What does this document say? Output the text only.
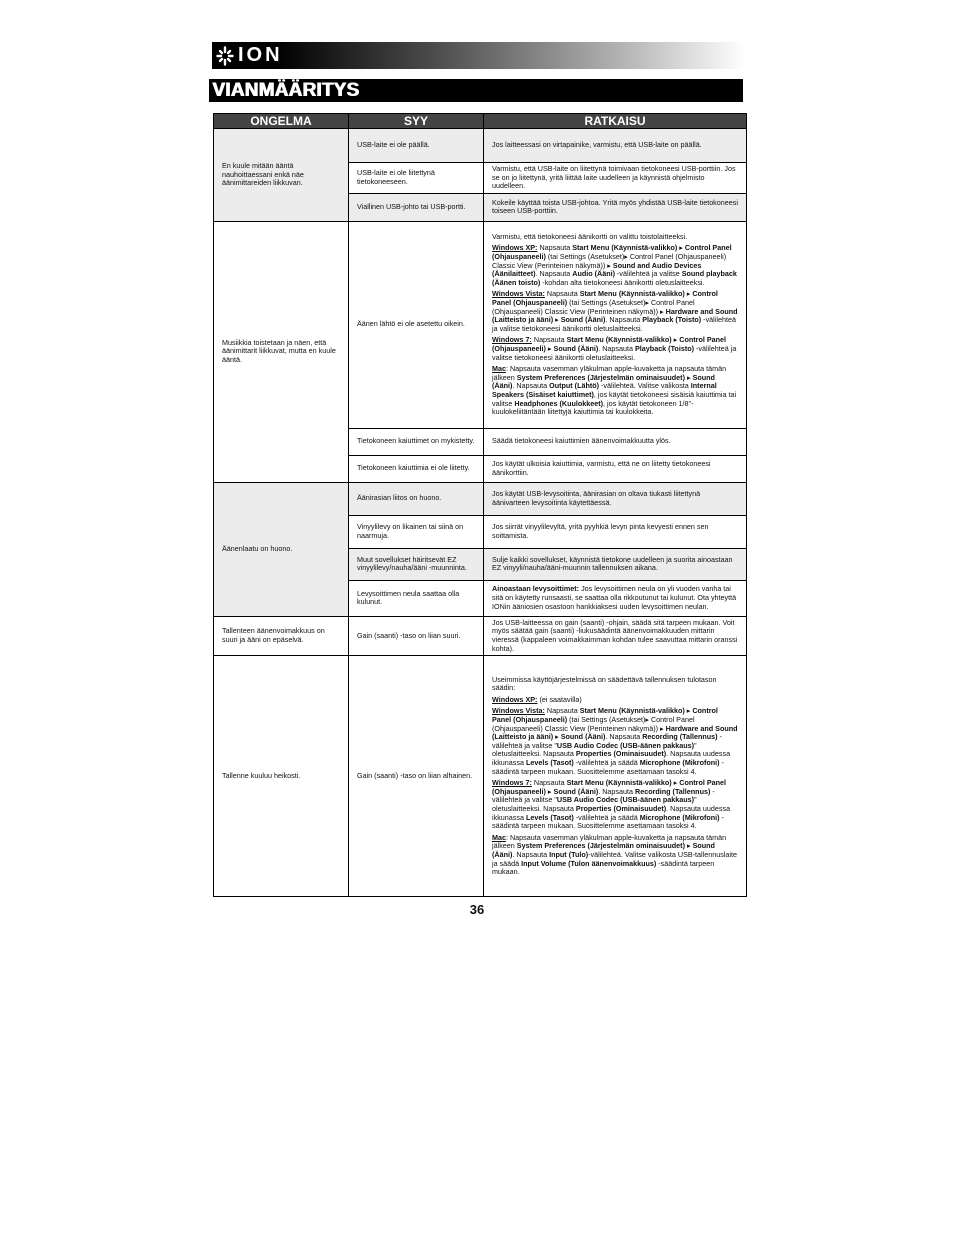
ION
VIANMÄÄRITYS
ONGELMA	SYY	RATKAISU
En kuule mitään ääntä nauhoittaessani enkä näe äänimittareiden liikkuvan.	USB-laite ei ole päällä.	Jos laitteessasi on virtapainike, varmistu, että USB-laite on päällä.

	USB-laite ei ole liitettynä tietokoneeseen.	Varmistu, että USB-laite on liitettynä toimivaan tietokoneesi USB-porttiin. Jos se on jo liitettynä, yritä liittää laite uudelleen ja käynnistä ohjelmisto uudelleen.

	Viallinen USB-johto tai USB-portti.	Kokeile käyttää toista USB-johtoa. Yritä myös yhdistää USB-laite tietokoneesi toiseen USB-porttiin.

Musiikkia toistetaan ja näen, että äänimittarit liikkuvat, mutta en kuule ääntä.	Äänen lähtö ei ole asetettu oikein.	Varmistu, että tietokoneesi äänikortti on valittu toistolaitteeksi.
Windows XP: Napsauta Start Menu (Käynnistä-valikko) ▸ Control Panel (Ohjauspaneeli) (tai Settings (Asetukset)▸ Control Panel (Ohjauspaneeli) Classic View (Perinteinen näkymä)) ▸ Sound and Audio Devices (Äänilaitteet). Napsauta Audio (Ääni) -välilehteä ja valitse Sound playback (Äänen toisto) -kohdan alta tietokoneesi äänikortti oletuslaitteeksi.
Windows Vista: Napsauta Start Menu (Käynnistä-valikko) ▸ Control Panel (Ohjauspaneeli) (tai Settings (Asetukset)▸ Control Panel (Ohjauspaneeli) Classic View (Perinteinen näkymä)) ▸ Hardware and Sound (Laitteisto ja ääni) ▸ Sound (Ääni). Napsauta Playback (Toisto) -välilehteä ja valitse tietokoneesi äänikortti oletuslaitteeksi.
Windows 7: Napsauta Start Menu (Käynnistä-valikko) ▸ Control Panel (Ohjauspaneeli) ▸ Sound (Ääni). Napsauta Playback (Toisto) -välilehteä ja valitse tietokoneesi äänikortti oletuslaitteeksi.
Mac: Napsauta vasemman yläkulman apple-kuvaketta ja napsauta tämän jälkeen System Preferences (Järjestelmän ominaisuudet) ▸ Sound (Ääni). Napsauta Output (Lähtö) -välilehteä. Valitse valikosta Internal Speakers (Sisäiset kaiuttimet), jos käytät tietokoneesi sisäisiä kaiuttimia tai valitse Headphones (Kuulokkeet), jos käytät tietokoneen 1/8"-kuulokeliitäntään liitettyjä kaiuttimia tai kuulokkeita.

	Tietokoneen kaiuttimet on mykistetty.	Säädä tietokoneesi kaiuttimien äänenvoimakkuutta ylös.

	Tietokoneen kaiuttimia ei ole liitetty.	Jos käytät ulkoisia kaiuttimia, varmistu, että ne on liitetty tietokoneesi äänikorttiin.

Äänenlaatu on huono.	Äänirasian liitos on huono.	Jos käytät USB-levysoitinta, äänirasian on oltava tiukasti liitettynä äänivarteen levysoitinta käytettäessä.

	Vinyylilevy on likainen tai siinä on naarmuja.	Jos siirrät vinyylilevyltä, yritä pyyhkiä levyn pinta kevyesti ennen sen soittamista.

	Muut sovellukset häiritsevät EZ vinyylilevy/nauha/ääni -muunninta.	Sulje kaikki sovellukset, käynnistä tietokone uudelleen ja suorita ainoastaan EZ vinyyli/nauha/ääni-muunnin tallennuksen aikana.

	Levysoittimen neula saattaa olla kulunut.	Ainoastaan levysoittimet: Jos levysoittimen neula on yli vuoden vanha tai sitä on käytetty runsaasti, se saattaa olla rikkoutunut tai kulunut. Ota yhteyttä IONin ääniosien osastoon hankkiaksesi uuden levysoittimen neulan.

Tallenteen äänenvoimakkuus on suuri ja ääni on epäselvä.	Gain (saanti) -taso on liian suuri.	Jos USB-laitteessa on gain (saanti) -ohjain, säädä sitä tarpeen mukaan. Voit myös säätää gain (saanti) -liukusäädintä äänenvoimakkuuden mittarin vieressä (kappaleen voimakkaimman kohdan tulee saavuttaa mittarin oranssi kohta).

Tallenne kuuluu heikosti.	Gain (saanti) -taso on liian alhainen.	Useimmissa käyttöjärjestelmissä on säädettävä tallennuksen tulotason säädin:
Windows XP: (ei saatavilla)
Windows Vista: Napsauta Start Menu (Käynnistä-valikko) ▸ Control Panel (Ohjauspaneeli) (tai Settings (Asetukset)▸ Control Panel (Ohjauspaneeli) Classic View (Perinteinen näkymä)) ▸ Hardware and Sound (Laitteisto ja ääni) ▸ Sound (Ääni). Napsauta Recording (Tallennus) -välilehteä ja valitse "USB Audio Codec (USB-äänen pakkaus)" oletuslaitteeksi. Napsauta Properties (Ominaisuudet). Napsauta uudessa ikkunassa Levels (Tasot) -välilehteä ja säädä Microphone (Mikrofoni) -säädintä tarpeen mukaan. Suosittelemme asettamaan tasoksi 4.
Windows 7: Napsauta Start Menu (Käynnistä-valikko) ▸ Control Panel (Ohjauspaneeli) ▸ Sound (Ääni). Napsauta Recording (Tallennus) -välilehteä ja valitse "USB Audio Codec (USB-äänen pakkaus)" oletuslaitteeksi. Napsauta Properties (Ominaisuudet). Napsauta uudessa ikkunassa Levels (Tasot) -välilehteä ja säädä Microphone (Mikrofoni) -säädintä tarpeen mukaan. Suosittelemme asettamaan tasoksi 4.
Mac: Napsauta vasemman yläkulman apple-kuvaketta ja napsauta tämän jälkeen System Preferences (Järjestelmän ominaisuudet) ▸ Sound (Ääni). Napsauta Input (Tulo)-välilehteä. Valitse valikosta USB-tallennuslaite ja säädä Input Volume (Tulon äänenvoimakkuus) -säädintä tarpeen mukaan.
36
